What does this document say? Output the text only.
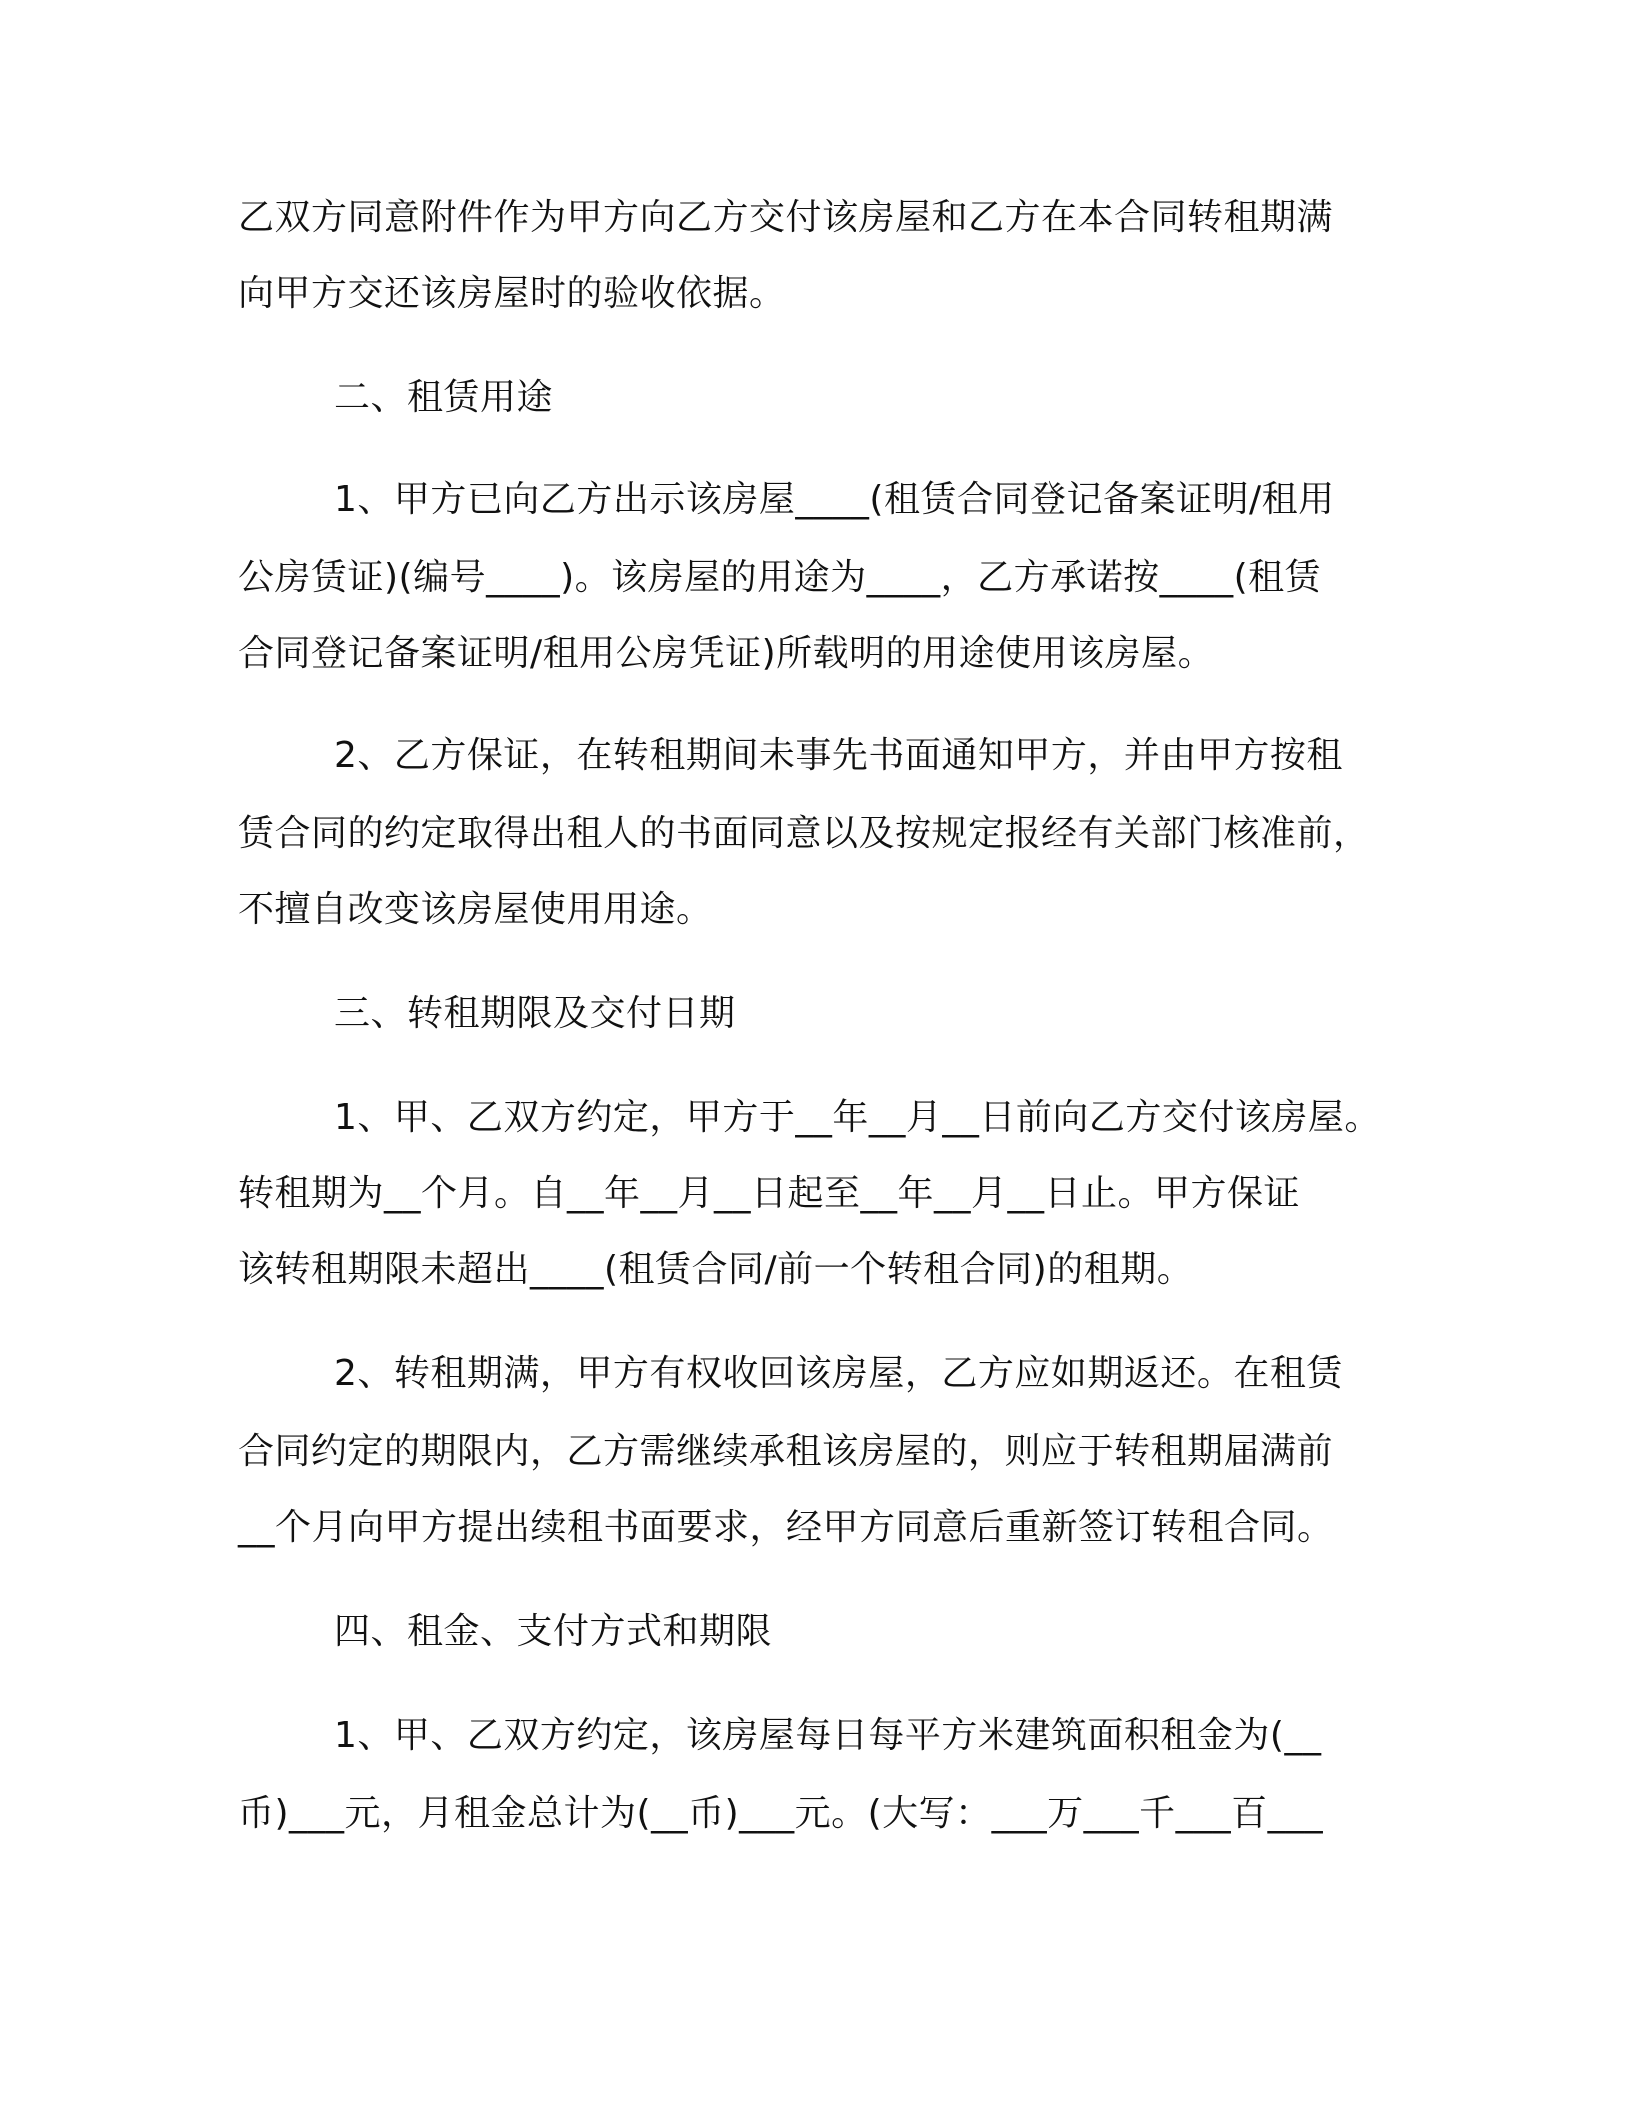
乙双方同意附件作为甲方向乙方交付该房屋和乙方在本合同转租期满
向甲方交还该房屋时的验收依据。
二、租赁用途
1、甲方已向乙方出示该房屋____(租赁合同登记备案证明/租用
公房赁证)(编号____)。该房屋的用途为____，乙方承诺按____(租赁
合同登记备案证明/租用公房凭证)所载明的用途使用该房屋。
2、乙方保证，在转租期间未事先书面通知甲方，并由甲方按租
赁合同的约定取得出租人的书面同意以及按规定报经有关部门核准前，
不擅自改变该房屋使用用途。
三、转租期限及交付日期
1、甲、乙双方约定，甲方于__年__月__日前向乙方交付该房屋。
转租期为__个月。自__年__月__日起至__年__月__日止。甲方保证
该转租期限未超出____(租赁合同/前一个转租合同)的租期。
2、转租期满，甲方有权收回该房屋，乙方应如期返还。在租赁
合同约定的期限内，乙方需继续承租该房屋的，则应于转租期届满前
__个月向甲方提出续租书面要求，经甲方同意后重新签订转租合同。
四、租金、支付方式和期限
1、甲、乙双方约定，该房屋每日每平方米建筑面积租金为(__
币)___元，月租金总计为(__币)___元。(大写：___万___千___百___
